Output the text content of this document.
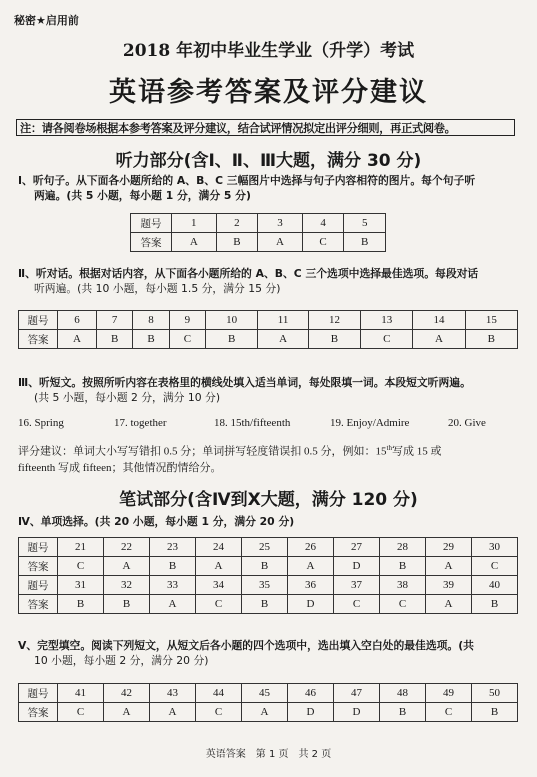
秘密★启用前
2018 年初中毕业生学业（升学）考试
英语参考答案及评分建议
注：请各阅卷场根据本参考答案及评分建议，结合试评情况拟定出评分细则，再正式阅卷。
听力部分(含Ⅰ、Ⅱ、Ⅲ大题，满分 30 分)
Ⅰ、听句子。从下面各小题所给的 A、B、C 三幅图片中选择与句子内容相符的图片。每个句子听
两遍。(共 5 小题，每小题 1 分，满分 5 分)
题号	1	2	3	4	5
答案	A	B	A	C	B
Ⅱ、听对话。根据对话内容，从下面各小题所给的 A、B、C 三个选项中选择最佳选项。每段对话
听两遍。(共 10 小题，每小题 1.5 分，满分 15 分)
题号	6	7	8	9	10	11	12	13	14	15
答案	A	B	B	C	B	A	B	C	A	B
Ⅲ、听短文。按照所听内容在表格里的横线处填入适当单词，每处限填一词。本段短文听两遍。
(共 5 小题，每小题 2 分，满分 10 分)
16. Spring	17. together	18. 15th/fifteenth	19. Enjoy/Admire	20. Give
评分建议：单词大小写写错扣 0.5 分；单词拼写轻度错误扣 0.5 分，例如：15th写成 15 或
fifteenth 写成 fifteen；其他情况酌情给分。
笔试部分(含Ⅳ到Ⅹ大题，满分 120 分)
Ⅳ、单项选择。(共 20 小题，每小题 1 分，满分 20 分)
题号	21	22	23	24	25	26	27	28	29	30
答案	C	A	B	A	B	A	D	B	A	C
题号	31	32	33	34	35	36	37	38	39	40
答案	B	B	A	C	B	D	C	C	A	B
Ⅴ、完型填空。阅读下列短文，从短文后各小题的四个选项中，选出填入空白处的最佳选项。(共
10 小题，每小题 2 分，满分 20 分)
题号	41	42	43	44	45	46	47	48	49	50
答案	C	A	A	C	A	D	D	B	C	B
英语答案　第 1 页　共 2 页
